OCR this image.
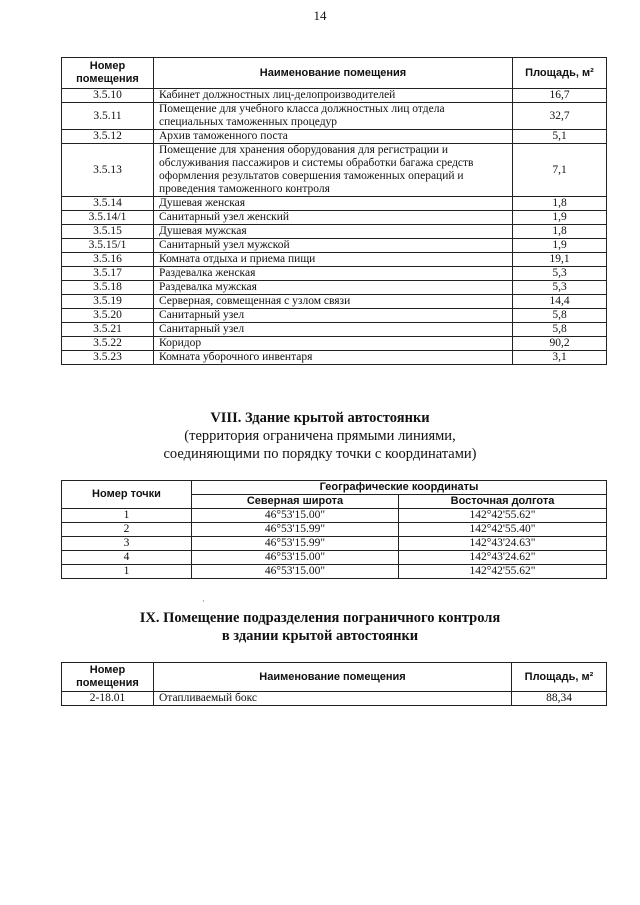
14
Номер помещения	Наименование помещения	Площадь, м²
3.5.10	Кабинет должностных лиц-делопроизводителей	16,7
3.5.11	Помещение для учебного класса должностных лиц отдела специальных таможенных процедур	32,7
3.5.12	Архив таможенного поста	5,1
3.5.13	Помещение для хранения оборудования для регистрации и обслуживания пассажиров и системы обработки багажа средств оформления результатов совершения таможенных операций и проведения таможенного контроля	7,1
3.5.14	Душевая женская	1,8
3.5.14/1	Санитарный узел женский	1,9
3.5.15	Душевая мужская	1,8
3.5.15/1	Санитарный узел мужской	1,9
3.5.16	Комната отдыха и приема пищи	19,1
3.5.17	Раздевалка женская	5,3
3.5.18	Раздевалка мужская	5,3
3.5.19	Серверная, совмещенная с узлом связи	14,4
3.5.20	Санитарный узел	5,8
3.5.21	Санитарный узел	5,8
3.5.22	Коридор	90,2
3.5.23	Комната уборочного инвентаря	3,1
VIII. Здание крытой автостоянки
(территория ограничена прямыми линиями,
соединяющими по порядку точки с координатами)
Номер точки	Географические координаты	
	Северная широта	Восточная долгота
1	46°53'15.00"	142°42'55.62"
2	46°53'15.99"	142°42'55.40"
3	46°53'15.99"	142°43'24.63"
4	46°53'15.00"	142°43'24.62"
1	46°53'15.00"	142°42'55.62"
·
IX. Помещение подразделения пограничного контроля
в здании крытой автостоянки
Номер помещения	Наименование помещения	Площадь, м²
2-18.01	Отапливаемый бокс	88,34
